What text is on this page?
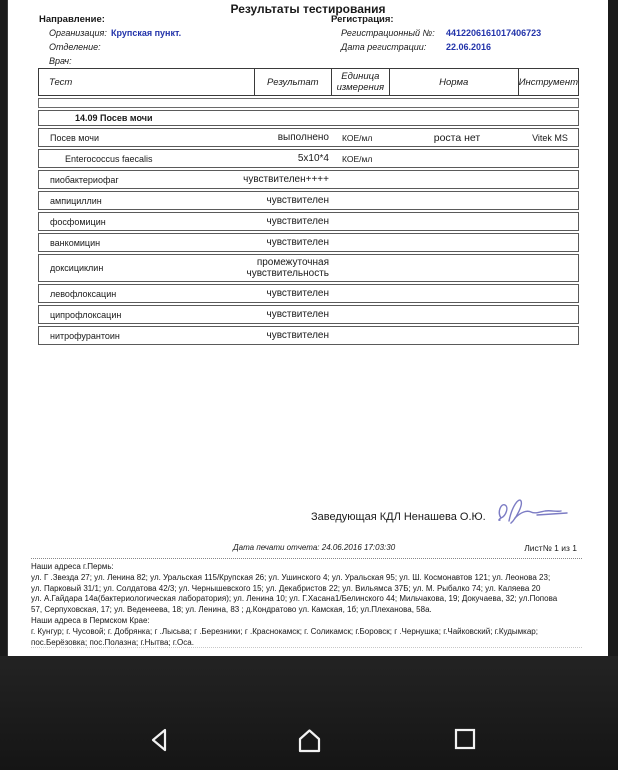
Результаты тестирования
Направление:
Организация: Крупская пункт.
Отделение:
Врач:
Регистрация:
Регистрационный №: 4412206161017406723
Дата регистрации: 22.06.2016
Тест	Результат	Единица измерения	Норма	Инструмент
14.09 Посев мочи
Посев мочи	выполнено КОЕ/мл	роста нет	Vitek MS
Enterococcus faecalis	5x10*4 КОЕ/мл
пиобактериофаг	чувствителен++++
ампициллин	чувствителен
фосфомицин	чувствителен
ванкомицин	чувствителен
доксициклин	промежуточная чувствительность
левофлоксацин	чувствителен
ципрофлоксацин	чувствителен
нитрофурантоин	чувствителен
Заведующая КДЛ Ненашева О.Ю.
Дата печати отчета: 24.06.2016 17:03:30	Лист№ 1 из 1
Наши адреса г.Пермь:
ул. Г .Звезда 27; ул. Ленина 82; ул. Уральская 115/Крупская 26; ул. Ушинского 4; ул. Уральская 95; ул. Ш. Космонавтов 121; ул. Леонова 23;
ул. Парковый 31/1; ул. Солдатова 42/3; ул. Чернышевского 15; ул. Декабристов 22; ул. Вильямса 37Б; ул. М. Рыбалко 74; ул. Каляева 20
ул. А.Гайдара 14а(бактериологическая лаборатория); ул. Ленина 10; ул. Г.Хасана1/Белинского 44; Мильчакова, 19; Докучаева, 32; ул.Попова
57, Серпуховская, 17; ул. Веденеева, 18; ул. Ленина, 83 ; д.Кондратово ул. Камская, 1б; ул.Плеханова, 58а.
Наши адреса в Пермском Крае:
г. Кунгур; г. Чусовой; г. Добрянка; г .Лысьва; г .Березники; г .Краснокамск; г. Соликамск; г.Боровск; г .Чернушка; г.Чайковский; г.Кудымкар;
пос.Берёзовка; пос.Полазна; г.Нытва; г.Оса.
